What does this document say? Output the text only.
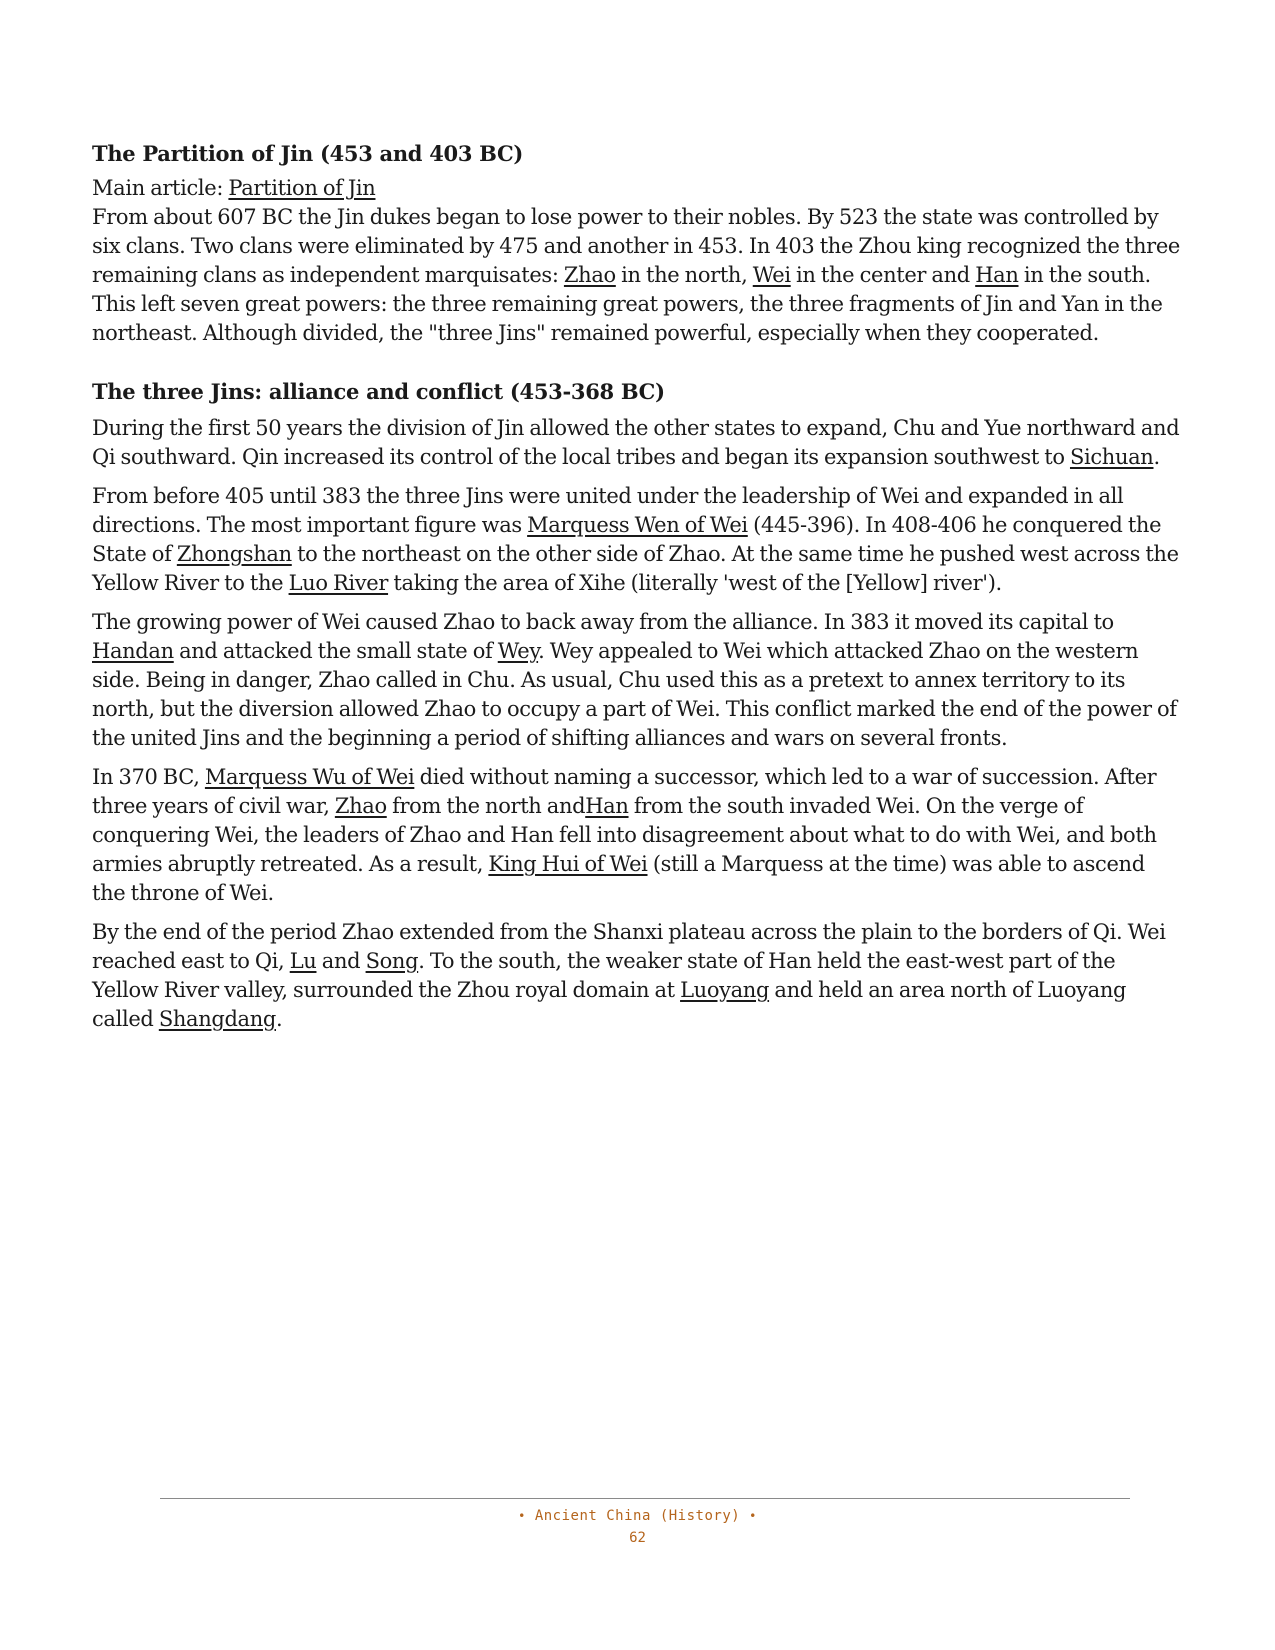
The Partition of Jin (453 and 403 BC)

Main article: Partition of Jin

From about 607 BC the Jin dukes began to lose power to their nobles. By 523 the state was controlled by six clans. Two clans were eliminated by 475 and another in 453. In 403 the Zhou king recognized the three remaining clans as independent marquisates: Zhao in the north, Wei in the center and Han in the south. This left seven great powers: the three remaining great powers, the three fragments of Jin and Yan in the northeast. Although divided, the "three Jins" remained powerful, especially when they cooperated.

The three Jins: alliance and conflict (453-368 BC)

During the first 50 years the division of Jin allowed the other states to expand, Chu and Yue northward and Qi southward. Qin increased its control of the local tribes and began its expansion southwest to Sichuan.

From before 405 until 383 the three Jins were united under the leadership of Wei and expanded in all directions. The most important figure was Marquess Wen of Wei (445-396). In 408-406 he conquered the State of Zhongshan to the northeast on the other side of Zhao. At the same time he pushed west across the Yellow River to the Luo River taking the area of Xihe (literally 'west of the [Yellow] river').

The growing power of Wei caused Zhao to back away from the alliance. In 383 it moved its capital to Handan and attacked the small state of Wey. Wey appealed to Wei which attacked Zhao on the western side. Being in danger, Zhao called in Chu. As usual, Chu used this as a pretext to annex territory to its north, but the diversion allowed Zhao to occupy a part of Wei. This conflict marked the end of the power of the united Jins and the beginning a period of shifting alliances and wars on several fronts.

In 370 BC, Marquess Wu of Wei died without naming a successor, which led to a war of succession. After three years of civil war, Zhao from the north andHan from the south invaded Wei. On the verge of conquering Wei, the leaders of Zhao and Han fell into disagreement about what to do with Wei, and both armies abruptly retreated. As a result, King Hui of Wei (still a Marquess at the time) was able to ascend the throne of Wei.

By the end of the period Zhao extended from the Shanxi plateau across the plain to the borders of Qi. Wei reached east to Qi, Lu and Song. To the south, the weaker state of Han held the east-west part of the Yellow River valley, surrounded the Zhou royal domain at Luoyang and held an area north of Luoyang called Shangdang.

• Ancient China (History) •
62
